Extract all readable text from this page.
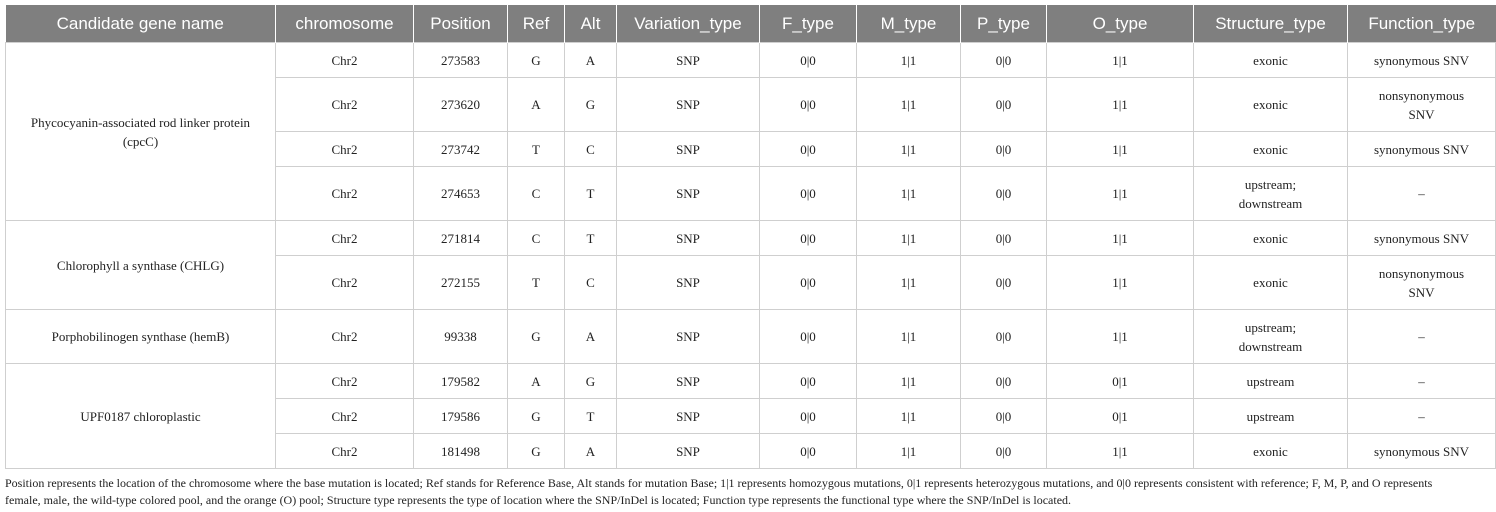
Candidate gene name	chromosome	Position	Ref	Alt	Variation_type	F_type	M_type	P_type	O_type	Structure_type	Function_type
Phycocyanin-associated rod linker protein
(cpcC)	Chr2	273583	G	A	SNP	0|0	1|1	0|0	1|1	exonic	synonymous SNV
	Chr2	273620	A	G	SNP	0|0	1|1	0|0	1|1	exonic	nonsynonymous
SNV
	Chr2	273742	T	C	SNP	0|0	1|1	0|0	1|1	exonic	synonymous SNV
	Chr2	274653	C	T	SNP	0|0	1|1	0|0	1|1	upstream;
downstream	–
Chlorophyll a synthase (CHLG)	Chr2	271814	C	T	SNP	0|0	1|1	0|0	1|1	exonic	synonymous SNV
	Chr2	272155	T	C	SNP	0|0	1|1	0|0	1|1	exonic	nonsynonymous
SNV
Porphobilinogen synthase (hemB)	Chr2	99338	G	A	SNP	0|0	1|1	0|0	1|1	upstream;
downstream	–
UPF0187 chloroplastic	Chr2	179582	A	G	SNP	0|0	1|1	0|0	0|1	upstream	–
	Chr2	179586	G	T	SNP	0|0	1|1	0|0	0|1	upstream	–
	Chr2	181498	G	A	SNP	0|0	1|1	0|0	1|1	exonic	synonymous SNV
Position represents the location of the chromosome where the base mutation is located; Ref stands for Reference Base, Alt stands for mutation Base; 1|1 represents homozygous mutations, 0|1 represents heterozygous mutations, and 0|0 represents consistent with reference; F, M, P, and O represents female, male, the wild-type colored pool, and the orange (O) pool; Structure type represents the type of location where the SNP/InDel is located; Function type represents the functional type where the SNP/InDel is located.
